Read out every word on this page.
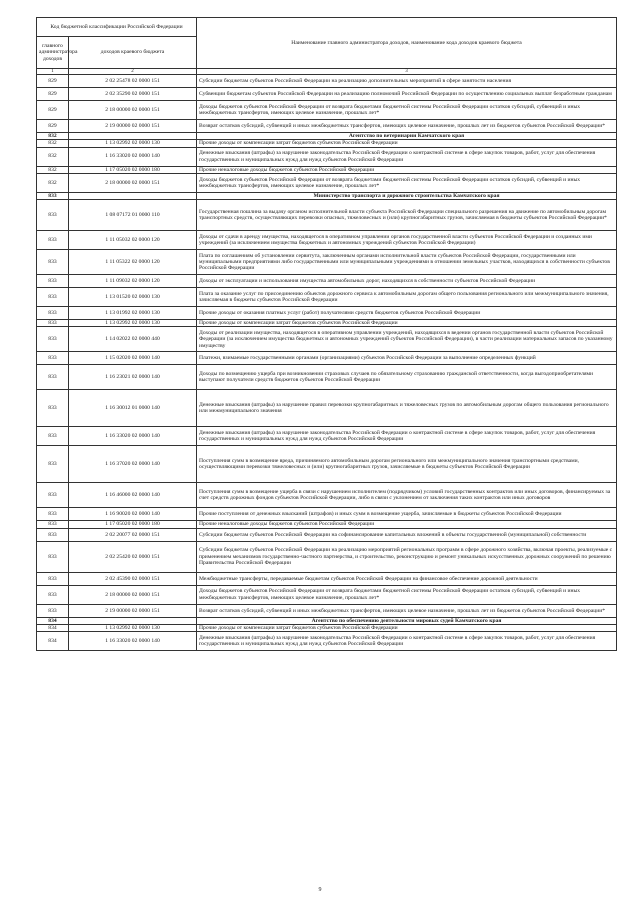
Код бюджетной классификации Российской Федерации		Наименование главного администратора доходов, наименование кода доходов краевого бюджета
главного администратора доходов	доходов краевого бюджета	
1	2	3
829	2 02 25478 02 0000 151	Субсидии бюджетам субъектов Российской Федерации на реализацию дополнительных мероприятий в сфере занятости населения
829	2 02 35290 02 0000 151	Субвенции бюджетам субъектов Российской Федерации на реализацию полномочий Российской Федерации по осуществлению социальных выплат безработным гражданам
829	2 18 00000 02 0000 151	Доходы бюджетов субъектов Российской Федерации от возврата бюджетами бюджетной системы Российской Федерации остатков субсидий, субвенций и иных межбюджетных трансфертов, имеющих целевое назначение, прошлых лет*
829	2 19 00000 02 0000 151	Возврат остатков субсидий, субвенций и иных межбюджетных трансфертов, имеющих целевое назначение, прошлых лет из бюджетов субъектов Российской Федерации*
832		Агентство по ветеринарии Камчатского края
832	1 13 02992 02 0000 130	Прочие доходы от компенсации затрат бюджетов субъектов Российской Федерации
832	1 16 33020 02 0000 140	Денежные взыскания (штрафы) за нарушение законодательства Российской Федерации о контрактной системе в сфере закупок товаров, работ, услуг для обеспечения государственных и муниципальных нужд для нужд субъектов Российской Федерации
832	1 17 05020 02 0000 180	Прочие неналоговые доходы бюджетов субъектов Российской Федерации
832	2 18 00000 02 0000 151	Доходы бюджетов субъектов Российской Федерации от возврата бюджетами бюджетной системы Российской Федерации остатков субсидий, субвенций и иных межбюджетных трансфертов, имеющих целевое назначение, прошлых лет*
833		Министерство транспорта и дорожного строительства Камчатского края
833	1 08 07172 01 0000 110	Государственная пошлина за выдачу органом исполнительной власти субъекта Российской Федерации специального разрешения на движение по автомобильным дорогам транспортных средств, осуществляющих перевозки опасных, тяжеловесных и (или) крупногабаритных грузов, зачисляемая в бюджеты субъектов Российской Федерации*
833	1 11 05032 02 0000 120	Доходы от сдачи в аренду имущества, находящегося в оперативном управлении органов государственной власти субъектов Российской Федерации и созданных ими учреждений (за исключением имущества бюджетных и автономных учреждений субъектов Российской Федерации)
833	1 11 05322 02 0000 120	Плата по соглашениям об установлении сервитута, заключенным органами исполнительной власти субъектов Российской Федерации, государственными или муниципальными предприятиями либо государственными или муниципальными учреждениями в отношении земельных участков, находящихся в собственности субъектов Российской Федерации
833	1 11 09032 02 0000 120	Доходы от эксплуатации и использования имущества автомобильных дорог, находящихся в собственности субъектов Российской Федерации
833	1 13 01520 02 0000 130	Плата за оказание услуг по присоединению объектов дорожного сервиса к автомобильным дорогам общего пользования регионального или межмуниципального значения, зачисляемая в бюджеты субъектов Российской Федерации
833	1 13 01992 02 0000 130	Прочие доходы от оказания платных услуг (работ) получателями средств бюджетов субъектов Российской Федерации
833	1 13 02992 02 0000 130	Прочие доходы от компенсации затрат бюджетов субъектов Российской Федерации
833	1 14 02022 02 0000 440	Доходы от реализации имущества, находящегося в оперативном управлении учреждений, находящихся в ведении органов государственной власти субъектов Российской Федерации (за исключением имущества бюджетных и автономных учреждений субъектов Российской Федерации), в части реализации материальных запасов по указанному имуществу
833	1 15 02020 02 0000 140	Платежи, взимаемые государственными органами (организациями) субъектов Российской Федерации за выполнение определенных функций
833	1 16 23021 02 0000 140	Доходы по возмещению ущерба при возникновении страховых случаев по обязательному страхованию гражданской ответственности, когда выгодоприобретателями выступают получатели средств бюджетов субъектов Российской Федерации
833	1 16 30012 01 0000 140	Денежные взыскания (штрафы) за нарушение правил перевозки крупногабаритных и тяжеловесных грузов по автомобильным дорогам общего пользования регионального или межмуниципального значения
833	1 16 33020 02 0000 140	Денежные взыскания (штрафы) за нарушение законодательства Российской Федерации о контрактной системе в сфере закупок товаров, работ, услуг для обеспечения государственных и муниципальных нужд для нужд субъектов Российской Федерации
833	1 16 37020 02 0000 140	Поступления сумм в возмещение вреда, причиняемого автомобильным дорогам регионального или межмуниципального значения транспортными средствами, осуществляющими перевозки тяжеловесных и (или) крупногабаритных грузов, зачисляемые в бюджеты субъектов Российской Федерации
833	1 16 46000 02 0000 140	Поступления сумм в возмещение ущерба в связи с нарушением исполнителем (подрядчиком) условий государственных контрактов или иных договоров, финансируемых за счет средств дорожных фондов субъектов Российской Федерации, либо в связи с уклонением от заключения таких контрактов или иных договоров
833	1 16 90020 02 0000 140	Прочие поступления от денежных взысканий (штрафов) и иных сумм в возмещение ущерба, зачисляемые в бюджеты субъектов Российской Федерации
833	1 17 05020 02 0000 180	Прочие неналоговые доходы бюджетов субъектов Российской Федерации
833	2 02 20077 02 0000 151	Субсидии бюджетам субъектов Российской Федерации на софинансирование капитальных вложений в объекты государственной (муниципальной) собственности
833	2 02 25420 02 0000 151	Субсидии бюджетам субъектов Российской Федерации на реализацию мероприятий региональных программ в сфере дорожного хозяйства, включая проекты, реализуемые с применением механизмов государственно-частного партнерства, и строительство, реконструкцию и ремонт уникальных искусственных дорожных сооружений по решению Правительства Российской Федерации
833	2 02 45390 02 0000 151	Межбюджетные трансферты, передаваемые бюджетам субъектов Российской Федерации на финансовое обеспечение дорожной деятельности
833	2 18 00000 02 0000 151	Доходы бюджетов субъектов Российской Федерации от возврата бюджетами бюджетной системы Российской Федерации остатков субсидий, субвенций и иных межбюджетных трансфертов, имеющих целевое назначение, прошлых лет*
833	2 19 00000 02 0000 151	Возврат остатков субсидий, субвенций и иных межбюджетных трансфертов, имеющих целевое назначение, прошлых лет из бюджетов субъектов Российской Федерации*
834		Агентство по обеспечению деятельности мировых судей Камчатского края
834	1 13 02992 02 0000 130	Прочие доходы от компенсации затрат бюджетов субъектов Российской Федерации
834	1 16 33020 02 0000 140	Денежные взыскания (штрафы) за нарушение законодательства Российской Федерации о контрактной системе в сфере закупок товаров, работ, услуг для обеспечения государственных и муниципальных нужд для нужд субъектов Российской Федерации
9
